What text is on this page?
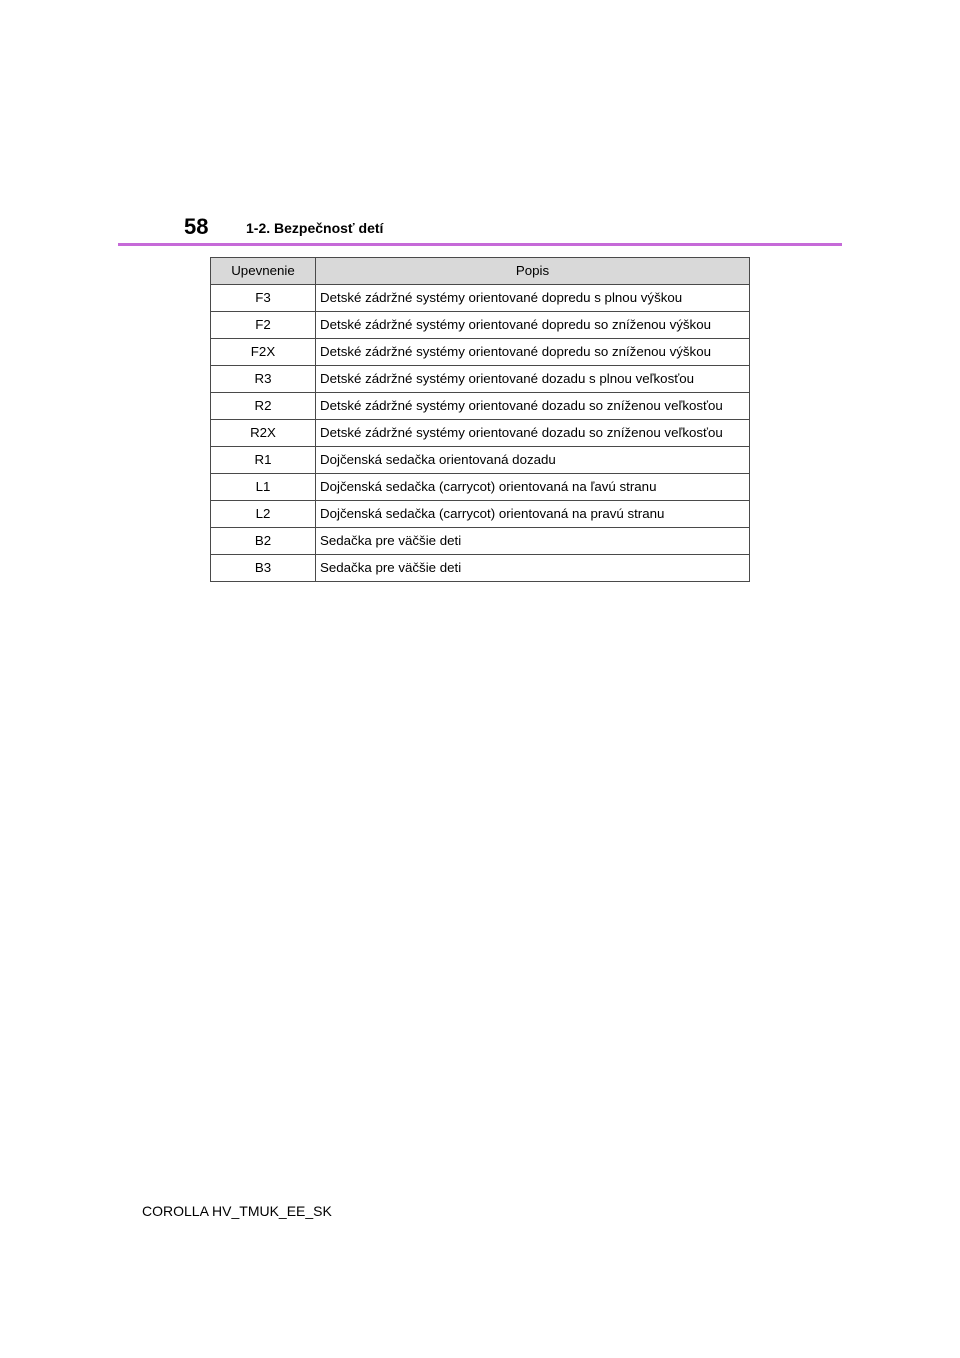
58	1-2. Bezpečnosť detí
Upevnenie	Popis
F3	Detské zádržné systémy orientované dopredu s plnou výškou
F2	Detské zádržné systémy orientované dopredu so zníženou výškou
F2X	Detské zádržné systémy orientované dopredu so zníženou výškou
R3	Detské zádržné systémy orientované dozadu s plnou veľkosťou
R2	Detské zádržné systémy orientované dozadu so zníženou veľkosťou
R2X	Detské zádržné systémy orientované dozadu so zníženou veľkosťou
R1	Dojčenská sedačka orientovaná dozadu
L1	Dojčenská sedačka (carrycot) orientovaná na ľavú stranu
L2	Dojčenská sedačka (carrycot) orientovaná na pravú stranu
B2	Sedačka pre väčšie deti
B3	Sedačka pre väčšie deti
COROLLA HV_TMUK_EE_SK
